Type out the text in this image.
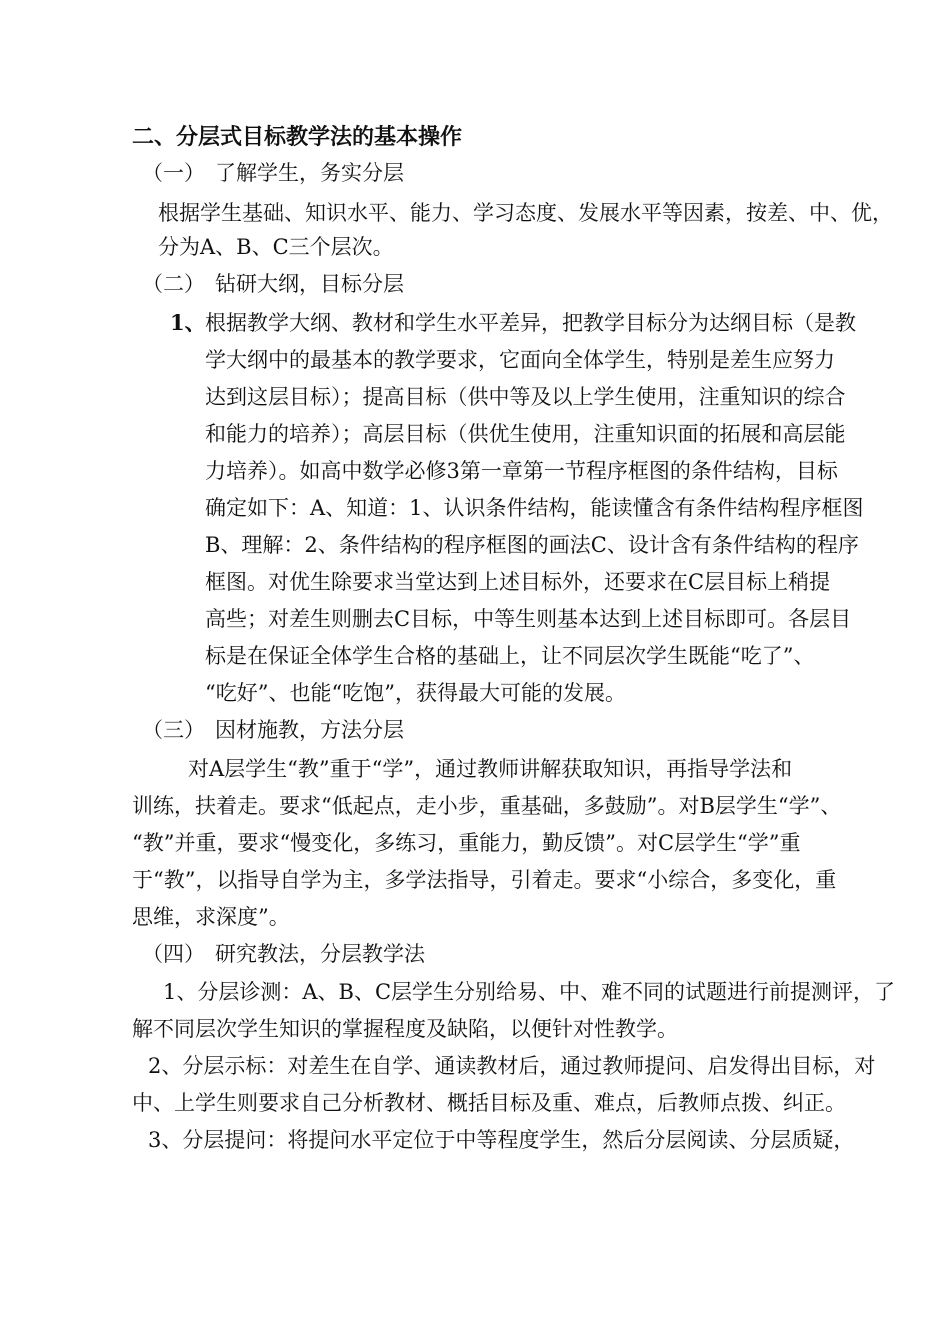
二、分层式目标教学法的基本操作
（一） 了解学生，务实分层
根据学生基础、知识水平、能力、学习态度、发展水平等因素，按差、中、优，
分为A、B、C三个层次。
（二） 钻研大纲，目标分层
1、 根据教学大纲、教材和学生水平差异，把教学目标分为达纲目标（是教
学大纲中的最基本的教学要求，它面向全体学生，特别是差生应努力
达到这层目标）；提高目标（供中等及以上学生使用，注重知识的综合
和能力的培养）；高层目标（供优生使用，注重知识面的拓展和高层能
力培养）。如高中数学必修3第一章第一节程序框图的条件结构，目标
确定如下：A、知道：1、认识条件结构，能读懂含有条件结构程序框图
B、理解：2、条件结构的程序框图的画法C、设计含有条件结构的程序
框图。对优生除要求当堂达到上述目标外，还要求在C层目标上稍提
高些；对差生则删去C目标，中等生则基本达到上述目标即可。各层目
标是在保证全体学生合格的基础上，让不同层次学生既能“吃了”、
“吃好”、也能“吃饱”，获得最大可能的发展。
（三） 因材施教，方法分层
对A层学生“教”重于“学”，通过教师讲解获取知识，再指导学法和
训练，扶着走。要求“低起点，走小步，重基础，多鼓励”。对B层学生“学”、
“教”并重，要求“慢变化，多练习，重能力，勤反馈”。对C层学生“学”重
于“教”，以指导自学为主，多学法指导，引着走。要求“小综合，多变化，重
思维，求深度”。
（四） 研究教法，分层教学法
1、分层诊测：A、B、C层学生分别给易、中、难不同的试题进行前提测评，了
解不同层次学生知识的掌握程度及缺陷，以便针对性教学。
2、分层示标：对差生在自学、通读教材后，通过教师提问、启发得出目标，对
中、上学生则要求自己分析教材、概括目标及重、难点，后教师点拨、纠正。
3、分层提问：将提问水平定位于中等程度学生，然后分层阅读、分层质疑，
